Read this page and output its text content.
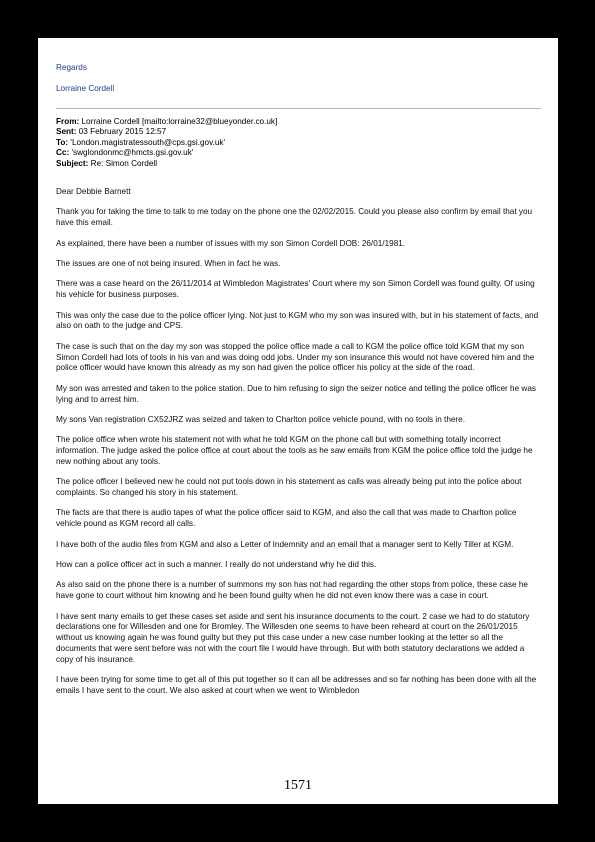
Regards
Lorraine Cordell
From: Lorraine Cordell [mailto:lorraine32@blueyonder.co.uk]
Sent: 03 February 2015 12:57
To: 'London.magistratessouth@cps.gsi.gov.uk'
Cc: 'swglondonmc@hmcts.gsi.gov.uk'
Subject: Re: Simon Cordell

Dear Debbie Barnett

Thank you for taking the time to talk to me today on the phone one the 02/02/2015. Could you please also confirm by email that you have this email.

As explained, there have been a number of issues with my son Simon Cordell DOB: 26/01/1981.

The issues are one of not being insured. When in fact he was.

There was a case heard on the 26/11/2014 at Wimbledon Magistrates' Court where my son Simon Cordell was found guilty. Of using his vehicle for business purposes.

This was only the case due to the police officer lying. Not just to KGM who my son was insured with, but in his statement of facts, and also on oath to the judge and CPS.

The case is such that on the day my son was stopped the police office made a call to KGM the police office told KGM that my son Simon Cordell had lots of tools in his van and was doing odd jobs. Under my son insurance this would not have covered him and the police officer would have known this already as my son had given the police officer his policy at the side of the road.

My son was arrested and taken to the police station. Due to him refusing to sign the seizer notice and telling the police officer he was lying and to arrest him.

My sons Van registration CX52JRZ was seized and taken to Charlton police vehicle pound, with no tools in there.

The police office when wrote his statement not with what he told KGM on the phone call but with something totally incorrect information. The judge asked the police office at court about the tools as he saw emails from KGM the police office told the judge he new nothing about any tools.

The police officer I believed new he could not put tools down in his statement as calls was already being put into the police about complaints. So changed his story in his statement.

The facts are that there is audio tapes of what the police officer said to KGM, and also the call that was made to Charlton police vehicle pound as KGM record all calls.

I have both of the audio files from KGM and also a Letter of Indemnity and an email that a manager sent to Kelly Tiller at KGM.

How can a police officer act in such a manner. I really do not understand why he did this.

As also said on the phone there is a number of summons my son has not had regarding the other stops from police, these case he have gone to court without him knowing and he been found guilty when he did not even know there was a case in court.

I have sent many emails to get these cases set aside and sent his insurance documents to the court. 2 case we had to do statutory declarations one for Willesden and one for Bromley. The Willesden one seems to have been reheard at court on the 26/01/2015 without us knowing again he was found guilty but they put this case under a new case number looking at the letter so all the documents that were sent before was not with the court file I would have through. But with both statutory declarations we added a copy of his insurance.

I have been trying for some time to get all of this put together so it can all be addresses and so far nothing has been done with all the emails I have sent to the court. We also asked at court when we went to Wimbledon

1571
